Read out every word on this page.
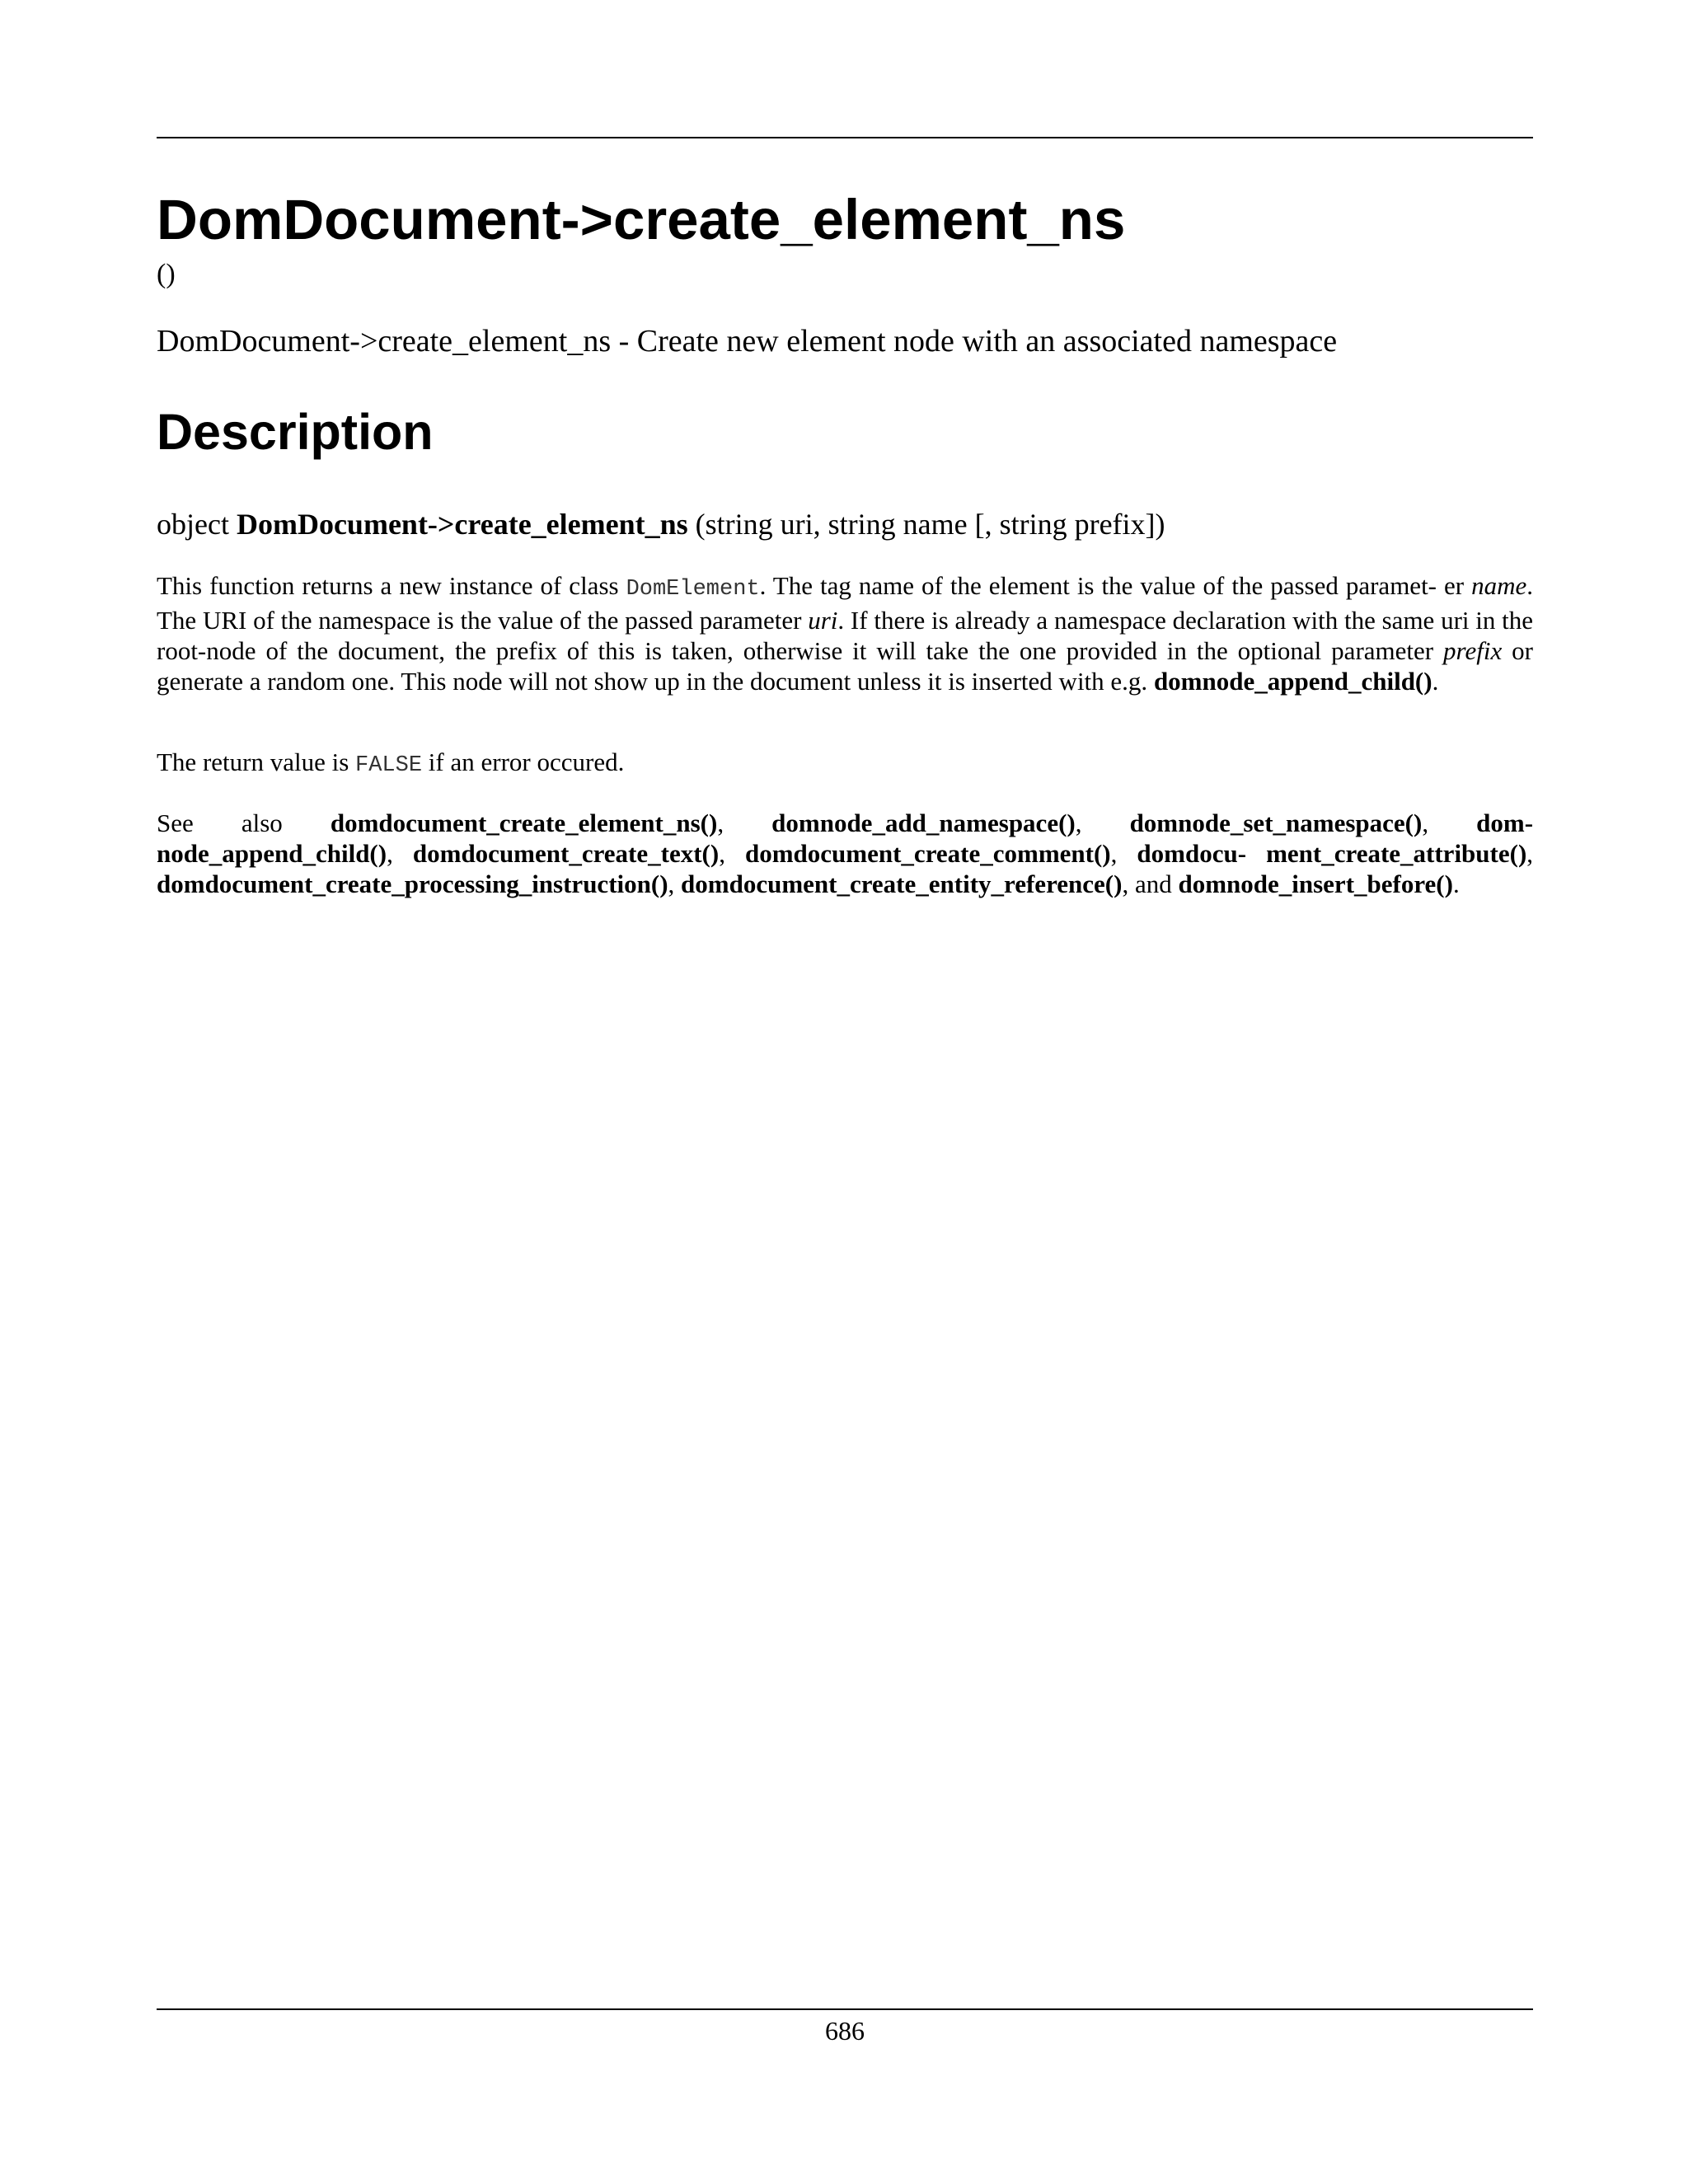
DomDocument->create_element_ns
()
DomDocument->create_element_ns - Create new element node with an associated namespace
Description
object DomDocument->create_element_ns (string uri, string name [, string prefix])

This function returns a new instance of class DomElement. The tag name of the element is the value of the passed paramet- er name. The URI of the namespace is the value of the passed parameter uri. If there is already a namespace declaration with the same uri in the root-node of the document, the prefix of this is taken, otherwise it will take the one provided in the optional parameter prefix or generate a random one. This node will not show up in the document unless it is inserted with e.g. domnode_append_child().

The return value is FALSE if an error occured.

See also domdocument_create_element_ns(), domnode_add_namespace(), domnode_set_namespace(), dom- node_append_child(), domdocument_create_text(), domdocument_create_comment(), domdocu- ment_create_attribute(), domdocument_create_processing_instruction(), domdocument_create_entity_reference(), and domnode_insert_before().

686
